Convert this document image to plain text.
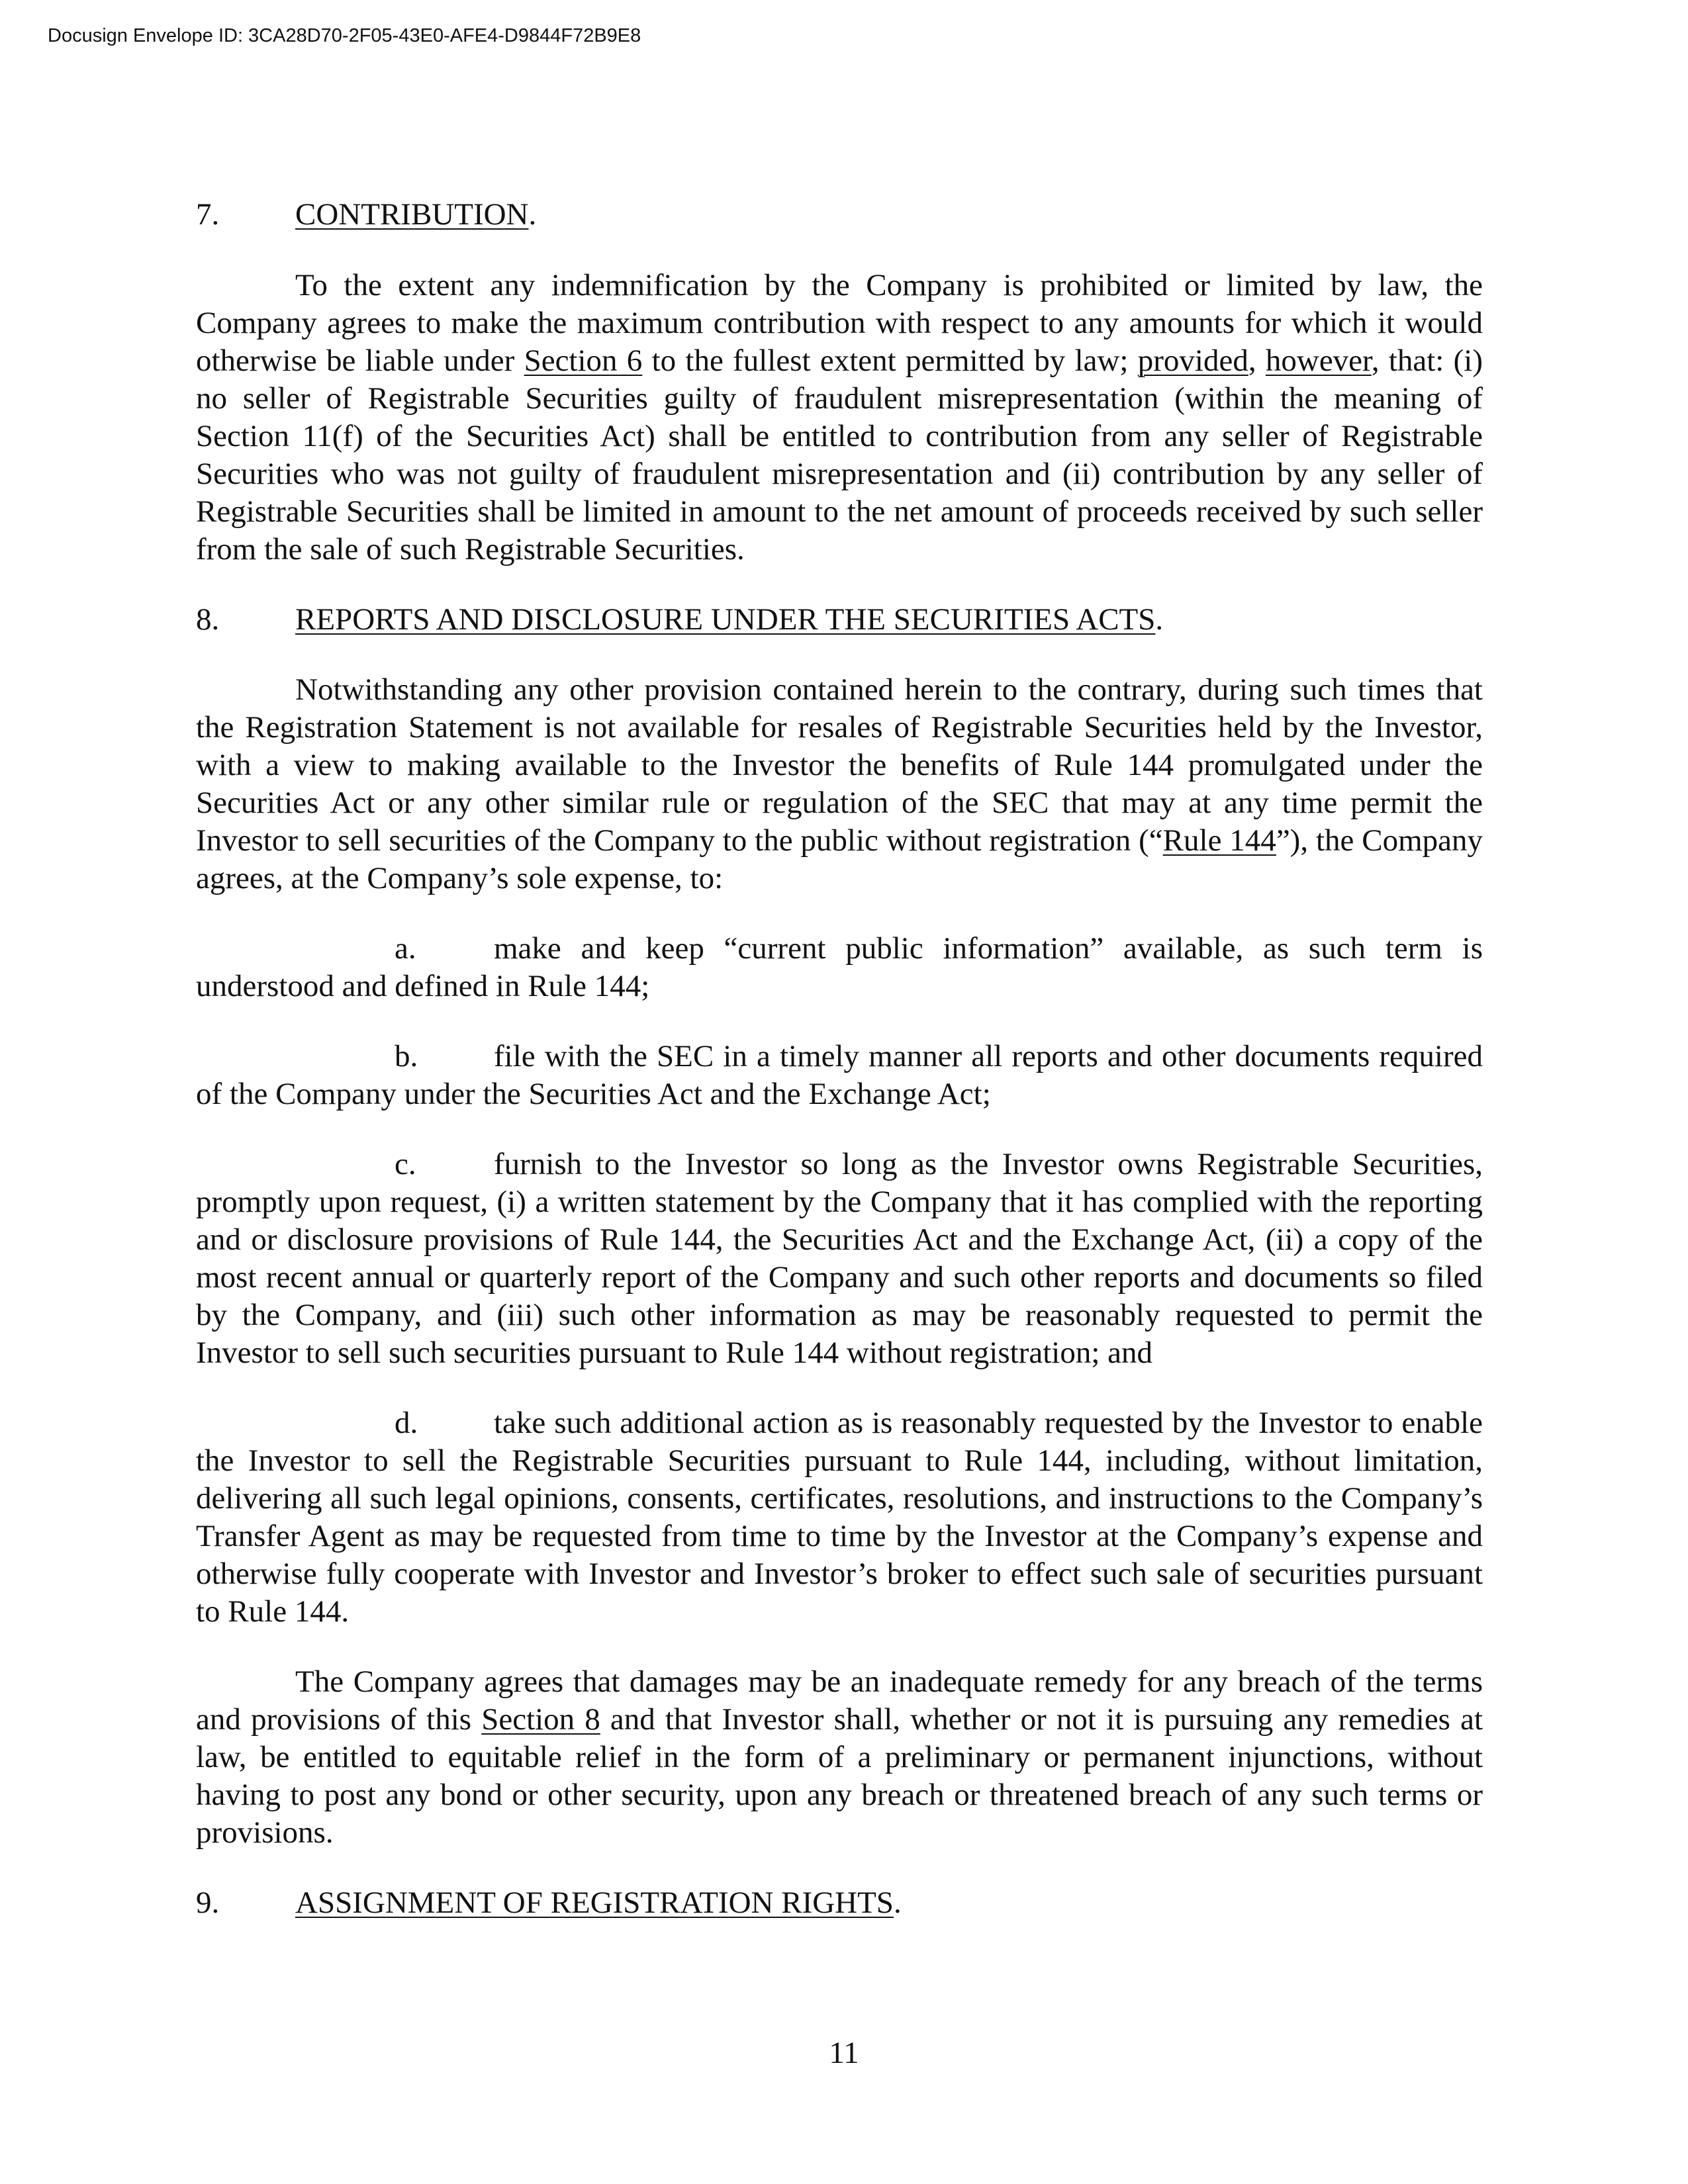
Docusign Envelope ID: 3CA28D70-2F05-43E0-AFE4-D9844F72B9E8
7.	CONTRIBUTION.

To the extent any indemnification by the Company is prohibited or limited by law, the Company agrees to make the maximum contribution with respect to any amounts for which it would otherwise be liable under Section 6 to the fullest extent permitted by law; provided, however, that: (i) no seller of Registrable Securities guilty of fraudulent misrepresentation (within the meaning of Section 11(f) of the Securities Act) shall be entitled to contribution from any seller of Registrable Securities who was not guilty of fraudulent misrepresentation and (ii) contribution by any seller of Registrable Securities shall be limited in amount to the net amount of proceeds received by such seller from the sale of such Registrable Securities.

8.	REPORTS AND DISCLOSURE UNDER THE SECURITIES ACTS.

Notwithstanding any other provision contained herein to the contrary, during such times that the Registration Statement is not available for resales of Registrable Securities held by the Investor, with a view to making available to the Investor the benefits of Rule 144 promulgated under the Securities Act or any other similar rule or regulation of the SEC that may at any time permit the Investor to sell securities of the Company to the public without registration (“Rule 144”), the Company agrees, at the Company’s sole expense, to:

a. make and keep “current public information” available, as such term is understood and defined in Rule 144;

b. file with the SEC in a timely manner all reports and other documents required of the Company under the Securities Act and the Exchange Act;

c. furnish to the Investor so long as the Investor owns Registrable Securities, promptly upon request, (i) a written statement by the Company that it has complied with the reporting and or disclosure provisions of Rule 144, the Securities Act and the Exchange Act, (ii) a copy of the most recent annual or quarterly report of the Company and such other reports and documents so filed by the Company, and (iii) such other information as may be reasonably requested to permit the Investor to sell such securities pursuant to Rule 144 without registration; and

d. take such additional action as is reasonably requested by the Investor to enable the Investor to sell the Registrable Securities pursuant to Rule 144, including, without limitation, delivering all such legal opinions, consents, certificates, resolutions, and instructions to the Company’s Transfer Agent as may be requested from time to time by the Investor at the Company’s expense and otherwise fully cooperate with Investor and Investor’s broker to effect such sale of securities pursuant to Rule 144.

The Company agrees that damages may be an inadequate remedy for any breach of the terms and provisions of this Section 8 and that Investor shall, whether or not it is pursuing any remedies at law, be entitled to equitable relief in the form of a preliminary or permanent injunctions, without having to post any bond or other security, upon any breach or threatened breach of any such terms or provisions.

9.	ASSIGNMENT OF REGISTRATION RIGHTS.
11
